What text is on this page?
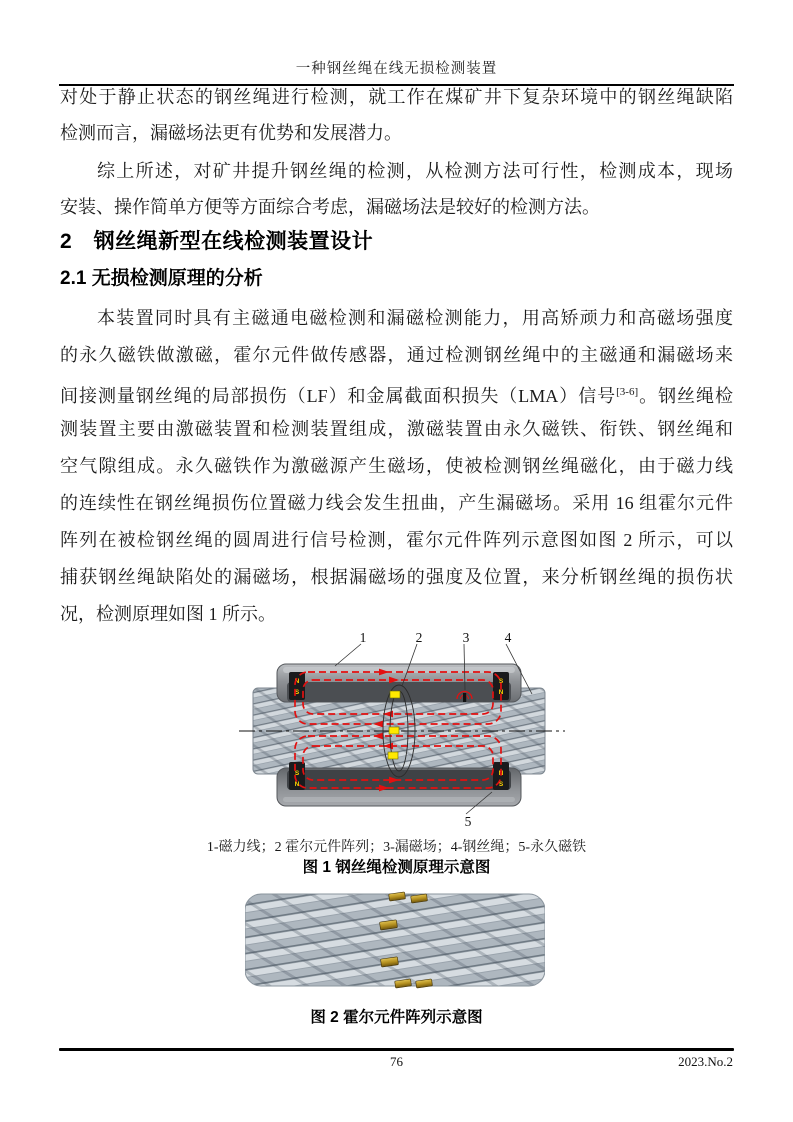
一种钢丝绳在线无损检测装置
对处于静止状态的钢丝绳进行检测，就工作在煤矿井下复杂环境中的钢丝绳缺陷
检测而言，漏磁场法更有优势和发展潜力。
综上所述，对矿井提升钢丝绳的检测，从检测方法可行性，检测成本，现场
安装、操作简单方便等方面综合考虑，漏磁场法是较好的检测方法。
2　钢丝绳新型在线检测装置设计
2.1 无损检测原理的分析
本装置同时具有主磁通电磁检测和漏磁检测能力，用高矫顽力和高磁场强度
的永久磁铁做激磁，霍尔元件做传感器，通过检测钢丝绳中的主磁通和漏磁场来
间接测量钢丝绳的局部损伤（LF）和金属截面积损失（LMA）信号[3-6]。钢丝绳检
测装置主要由激磁装置和检测装置组成，激磁装置由永久磁铁、衔铁、钢丝绳和
空气隙组成。永久磁铁作为激磁源产生磁场，使被检测钢丝绳磁化，由于磁力线
的连续性在钢丝绳损伤位置磁力线会发生扭曲，产生漏磁场。采用 16 组霍尔元件
阵列在被检钢丝绳的圆周进行信号检测，霍尔元件阵列示意图如图 2 所示，可以
捕获钢丝绳缺陷处的漏磁场，根据漏磁场的强度及位置，来分析钢丝绳的损伤状
况，检测原理如图 1 所示。
N
S
S
N
S
N
N
S
1	2	3	4
5
1-磁力线；2 霍尔元件阵列；3-漏磁场；4-钢丝绳；5-永久磁铁
图 1 钢丝绳检测原理示意图
图 2 霍尔元件阵列示意图
76	2023.No.2
